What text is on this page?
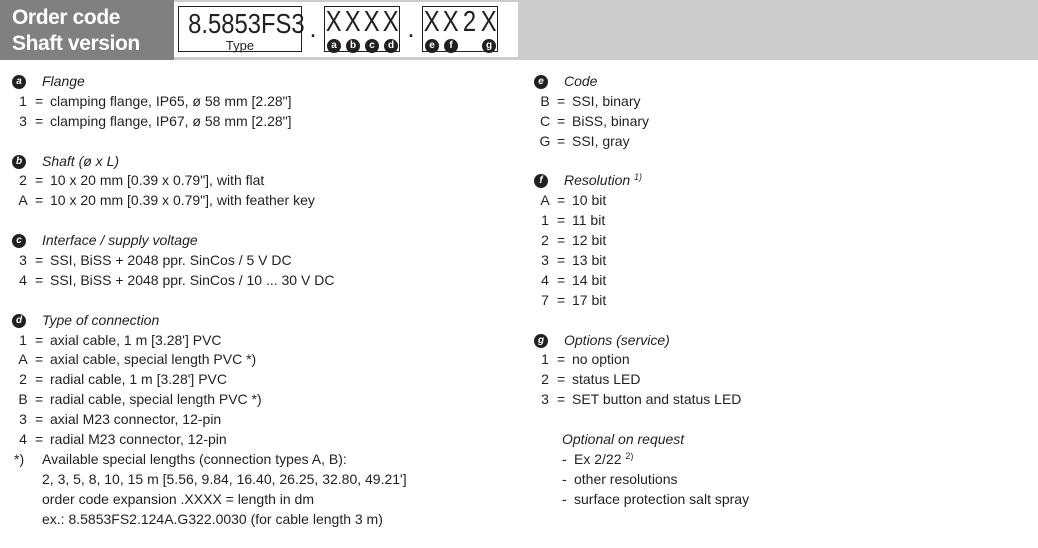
Order code
Shaft version
8.5853FS3
Type
. X X X X
a	b	c	d
. X X 2 X
e	f	g
a	Flange
1 = clamping flange, IP65, ø 58 mm [2.28"]
3 = clamping flange, IP67, ø 58 mm [2.28"]
b Shaft (ø x L)
2 = 10 x 20 mm [0.39 x 0.79"], with flat
A = 10 x 20 mm [0.39 x 0.79"], with feather key
c	Interface / supply voltage
3 = SSI, BiSS + 2048 ppr. SinCos / 5 V DC
4 = SSI, BiSS + 2048 ppr. SinCos / 10 ... 30 V DC
d Type of connection
1 = axial cable, 1 m [3.28'] PVC
A = axial cable, special length PVC *)
2 = radial cable, 1 m [3.28'] PVC
B = radial cable, special length PVC *)
3 = axial M23 connector, 12-pin
4 = radial M23 connector, 12-pin
*) Available special lengths (connection types A, B):
2, 3, 5, 8, 10, 15 m [5.56, 9.84, 16.40, 26.25, 32.80, 49.21']
order code expansion .XXXX = length in dm
ex.: 8.5853FS2.124A.G322.0030 (for cable length 3 m)
e	Code
B = SSI, binary
C = BiSS, binary
G = SSI, gray
f	Resolution $^{1)}$
A = 10 bit
1 = 11 bit
2 = 12 bit
3 = 13 bit
4 = 14 bit
7 = 17 bit
g Options (service)
1 = no option
2 = status LED
3 = SET button and status LED
Optional on request
- Ex 2/22 $^{2)}$
- other resolutions
- surface protection salt spray
